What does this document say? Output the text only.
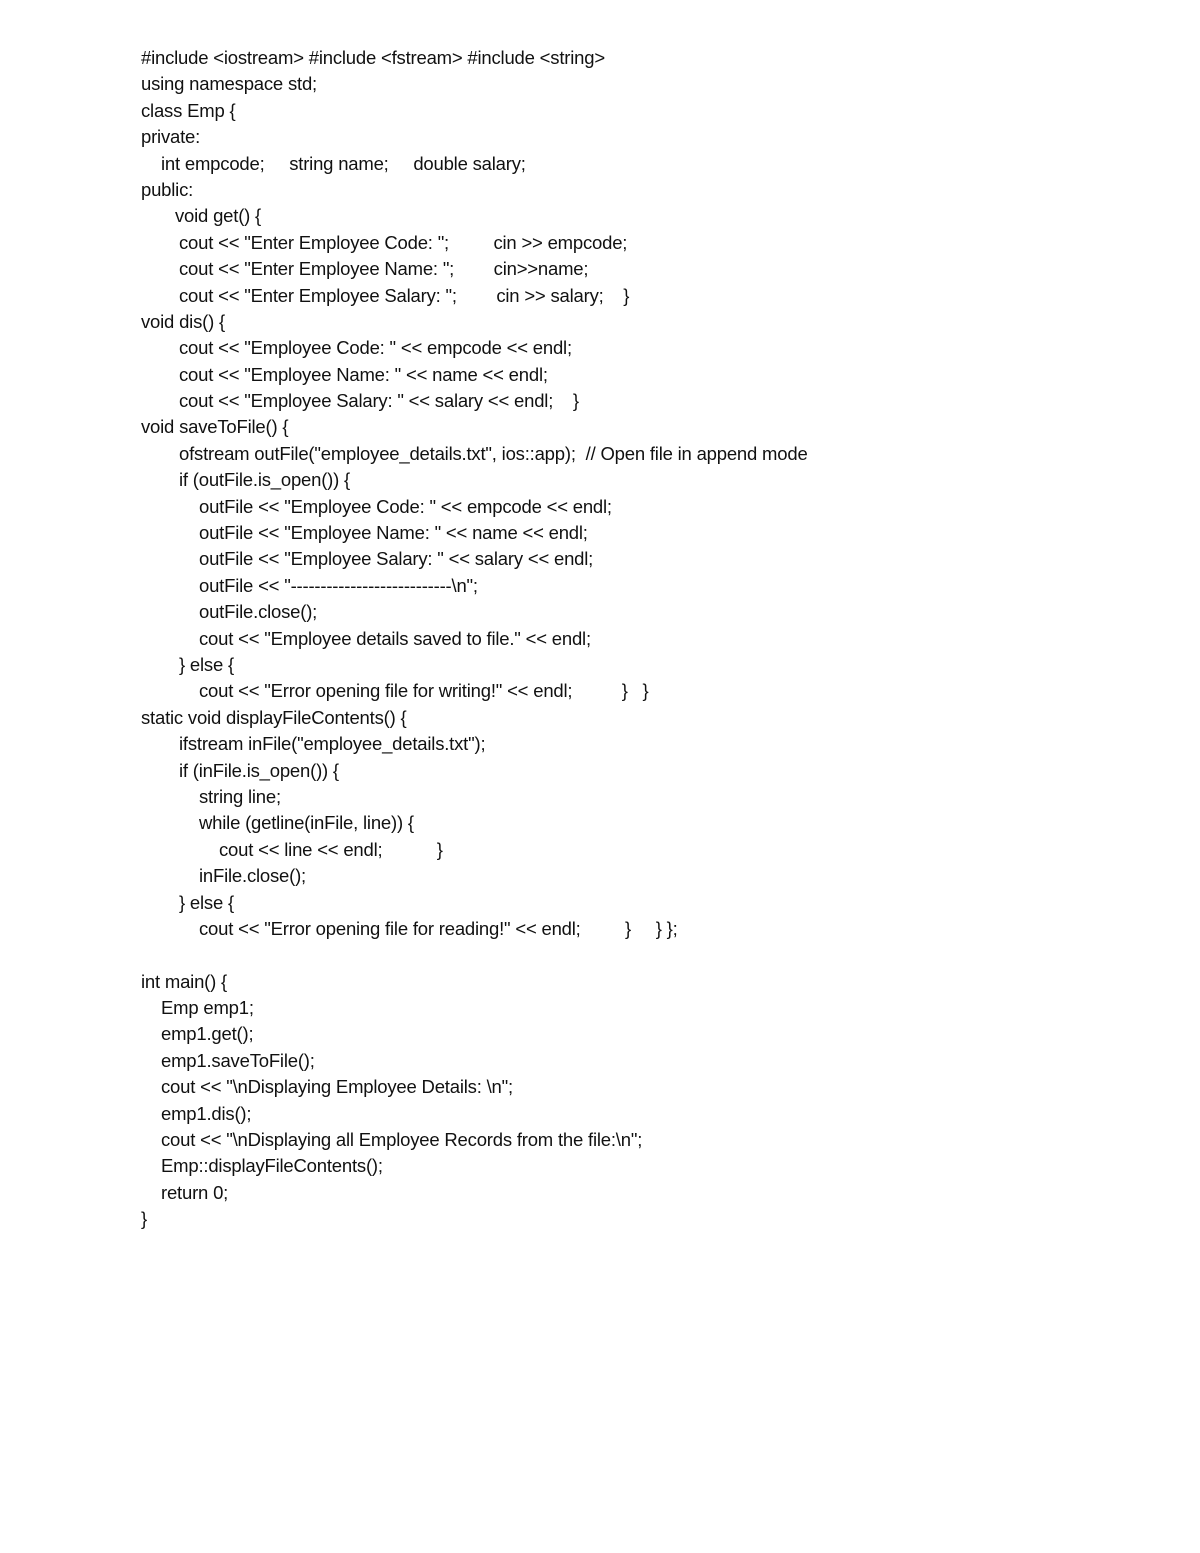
#include <iostream> #include <fstream> #include <string>
using namespace std;
class Emp {
private:
int empcode;     string name;     double salary;
public:
void get() {
cout << "Enter Employee Code: ";         cin >> empcode;
cout << "Enter Employee Name: ";        cin>>name;
cout << "Enter Employee Salary: ";        cin >> salary;    }
void dis() {
cout << "Employee Code: " << empcode << endl;
cout << "Employee Name: " << name << endl;
cout << "Employee Salary: " << salary << endl;    }
void saveToFile() {
ofstream outFile("employee_details.txt", ios::app);  // Open file in append mode
if (outFile.is_open()) {
outFile << "Employee Code: " << empcode << endl;
outFile << "Employee Name: " << name << endl;
outFile << "Employee Salary: " << salary << endl;
outFile << "---------------------------\n";
outFile.close();
cout << "Employee details saved to file." << endl;
} else {
cout << "Error opening file for writing!" << endl;          }   }
static void displayFileContents() {
ifstream inFile("employee_details.txt");
if (inFile.is_open()) {
string line;
while (getline(inFile, line)) {
cout << line << endl;           }
inFile.close();
} else {
cout << "Error opening file for reading!" << endl;         }     } };
int main() {
Emp emp1;
emp1.get();
emp1.saveToFile();
cout << "\nDisplaying Employee Details: \n";
emp1.dis();
cout << "\nDisplaying all Employee Records from the file:\n";
Emp::displayFileContents();
return 0;
}
